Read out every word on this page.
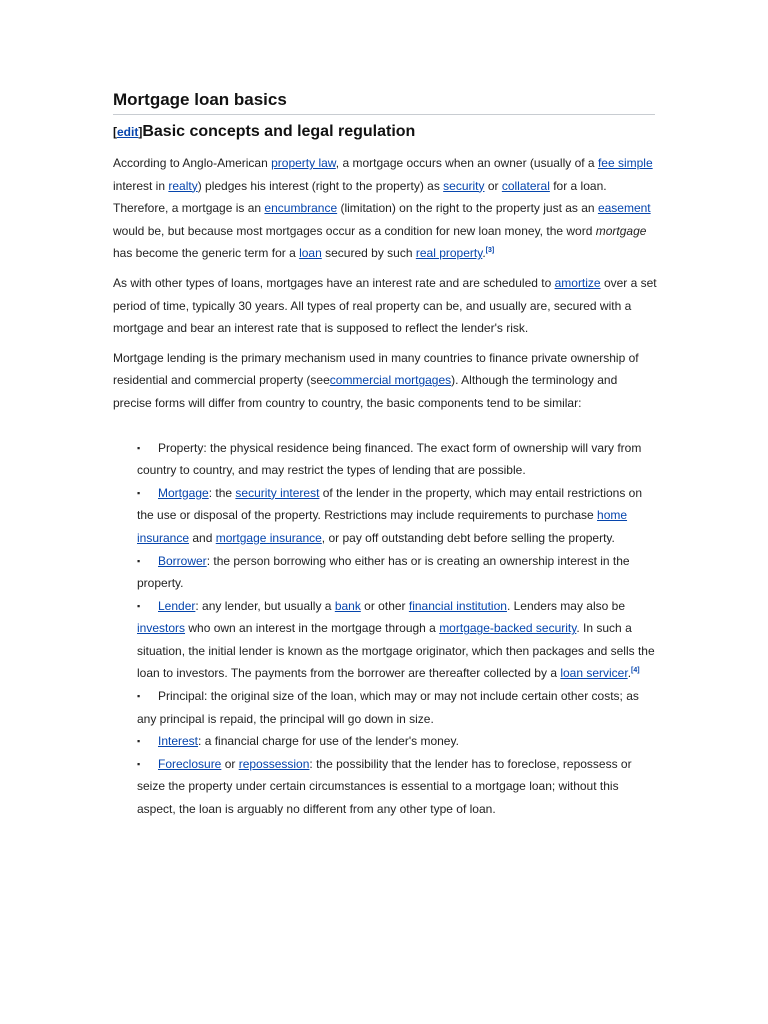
Mortgage loan basics
[edit]Basic concepts and legal regulation

According to Anglo-American property law, a mortgage occurs when an owner (usually of a fee simple interest in realty) pledges his interest (right to the property) as security or collateral for a loan. Therefore, a mortgage is an encumbrance (limitation) on the right to the property just as an easement would be, but because most mortgages occur as a condition for new loan money, the word mortgage has become the generic term for a loan secured by such real property.[3]

As with other types of loans, mortgages have an interest rate and are scheduled to amortize over a set period of time, typically 30 years. All types of real property can be, and usually are, secured with a mortgage and bear an interest rate that is supposed to reflect the lender's risk.

Mortgage lending is the primary mechanism used in many countries to finance private ownership of residential and commercial property (seecommercial mortgages). Although the terminology and precise forms will differ from country to country, the basic components tend to be similar:

▪ Property: the physical residence being financed. The exact form of ownership will vary from country to country, and may restrict the types of lending that are possible.
▪ Mortgage: the security interest of the lender in the property, which may entail restrictions on the use or disposal of the property. Restrictions may include requirements to purchase home insurance and mortgage insurance, or pay off outstanding debt before selling the property.
▪ Borrower: the person borrowing who either has or is creating an ownership interest in the property.
▪ Lender: any lender, but usually a bank or other financial institution. Lenders may also be investors who own an interest in the mortgage through a mortgage-backed security. In such a situation, the initial lender is known as the mortgage originator, which then packages and sells the loan to investors. The payments from the borrower are thereafter collected by a loan servicer.[4]
▪ Principal: the original size of the loan, which may or may not include certain other costs; as any principal is repaid, the principal will go down in size.
▪ Interest: a financial charge for use of the lender's money.
▪ Foreclosure or repossession: the possibility that the lender has to foreclose, repossess or seize the property under certain circumstances is essential to a mortgage loan; without this aspect, the loan is arguably no different from any other type of loan.
